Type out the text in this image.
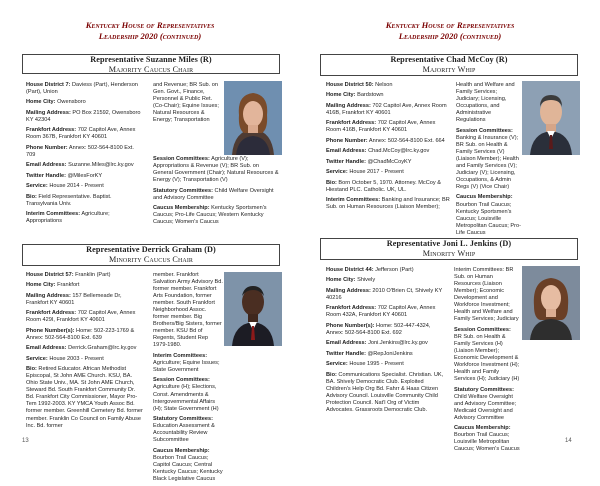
Kentucky House of Representatives
Leadership 2020 (continued)
Representative Suzanne Miles (R)
Majority Caucus Chair
House District 7: Daviess (Part), Henderson (Part), Union
Home City: Owensboro
Mailing Address: PO Box 21592, Owensboro KY 42304
Frankfort Address: 702 Capitol Ave, Annex Room 367B, Frankfort KY 40601
Phone Number: Annex: 502-564-8100 Ext. 709
Email Address: Suzanne.Miles@lrc.ky.gov
Twitter Handle: @MilesForKY
Service: House 2014 - Present
Bio: Field Representative. Baptist. Transylvania Univ.
Interim Committees: Agriculture; Appropriations
and Revenue; BR Sub. on Gen. Govt., Finance, Personnel & Public Ret. (Co-Chair); Equine Issues; Natural Resources & Energy; Transportation
Session Committees: Agriculture (V); Appropriations & Revenue (V); BR Sub. on General Government (Chair); Natural Resources & Energy (V); Transportation (V)
Statutory Committees: Child Welfare Oversight and Advisory Committee
Caucus Membership: Kentucky Sportsmen's Caucus; Pro-Life Caucus; Western Kentucky Caucus; Women's Caucus
Representative Derrick Graham (D)
Minority Caucus Chair
House District 57: Franklin (Part)
Home City: Frankfort
Mailing Address: 157 Bellemeade Dr, Frankfort KY 40601
Frankfort Address: 702 Capitol Ave, Annex Room 429I, Frankfort KY 40601
Phone Number(s): Home: 502-223-1769 & Annex: 502-564-8100 Ext. 639
Email Address: Derrick.Graham@lrc.ky.gov
Service: House 2003 - Present
Bio: Retired Educator. African Methodist Episcopal, St John AME Church. KSU, BA. Ohio State Univ., MA. St John AME Church, Steward Bd. South Frankfort Community Dr. Bd. Frankfort City Commissioner, Mayor Pro-Tem 1992-2003. KY YMCA Youth Assoc Bd. former member. Greenhill Cemetery Bd. former member. Franklin Co Council on Family Abuse Inc. Bd. former
member. Frankfort Salvation Army Advisory Bd. former member. Frankfort Arts Foundation, former member. South Frankfort Neighborhood Assoc. former member. Big Brothers/Big Sisters, former member. KSU Bd of Regents, Student Rep 1979-1980.
Interim Committees: Agriculture; Equine Issues; State Government
Session Committees: Agriculture (H); Elections, Const. Amendments & Intergovernmental Affairs (H); State Government (H)
Statutory Committees: Education Assessment & Accountability Review Subcommittee
Caucus Membership: Bourbon Trail Caucus; Capitol Caucus; Central Kentucky Caucus; Kentucky Black Legislative Caucus
13
Kentucky House of Representatives
Leadership 2020 (continued)
Representative Chad McCoy (R)
Majority Whip
House District 50: Nelson
Home City: Bardstown
Mailing Address: 702 Capitol Ave, Annex Room 416B, Frankfort KY 40601
Frankfort Address: 702 Capitol Ave, Annex Room 416B, Frankfort KY 40601
Phone Number: Annex: 502-564-8100 Ext. 664
Email Address: Chad.McCoy@lrc.ky.gov
Twitter Handle: @ChadMcCoyKY
Service: House 2017 - Present
Bio: Born October 5, 1970. Attorney. McCoy & Hiestand PLC. Catholic. UK, UL.
Interim Committees: Banking and Insurance; BR Sub. on Human Resources (Liaison Member);
Health and Welfare and Family Services; Judiciary; Licensing, Occupations, and Administrative Regulations
Session Committees: Banking & Insurance (V); BR Sub. on Health & Family Services (V) (Liaison Member); Health and Family Services (V); Judiciary (V); Licensing, Occupations, & Admin Regs (V) (Vice Chair)
Caucus Membership: Bourbon Trail Caucus; Kentucky Sportsmen's Caucus; Louisville Metropolitan Caucus; Pro-Life Caucus
Representative Joni L. Jenkins (D)
Minority Whip
House District 44: Jefferson (Part)
Home City: Shively
Mailing Address: 2010 O'Brien Ct, Shively KY 40216
Frankfort Address: 702 Capitol Ave, Annex Room 432A, Frankfort KY 40601
Phone Number(s): Home: 502-447-4324, Annex: 502-564-8100 Ext. 692
Email Address: Joni.Jenkins@lrc.ky.gov
Twitter Handle: @RepJoniJenkins
Service: House 1995 - Present
Bio: Communications Specialist. Christian. UK, BA. Shively Democratic Club. Exploited Children's Help Org Bd. Fahrr & Haas Citizen Advisory Council. Louisville Community Child Protection Council. Nat'l Org of Victim Advocates. Grassroots Democratic Club.
Interim Committees: BR Sub. on Human Resources (Liaison Member); Economic Development and Workforce Investment; Health and Welfare and Family Services; Judiciary
Session Committees: BR Sub. on Health & Family Services (H) (Liaison Member); Economic Development & Workforce Investment (H); Health and Family Services (H); Judiciary (H)
Statutory Committees: Child Welfare Oversight and Advisory Committee; Medicaid Oversight and Advisory Committee
Caucus Membership: Bourbon Trail Caucus; Louisville Metropolitan Caucus; Women's Caucus
14
